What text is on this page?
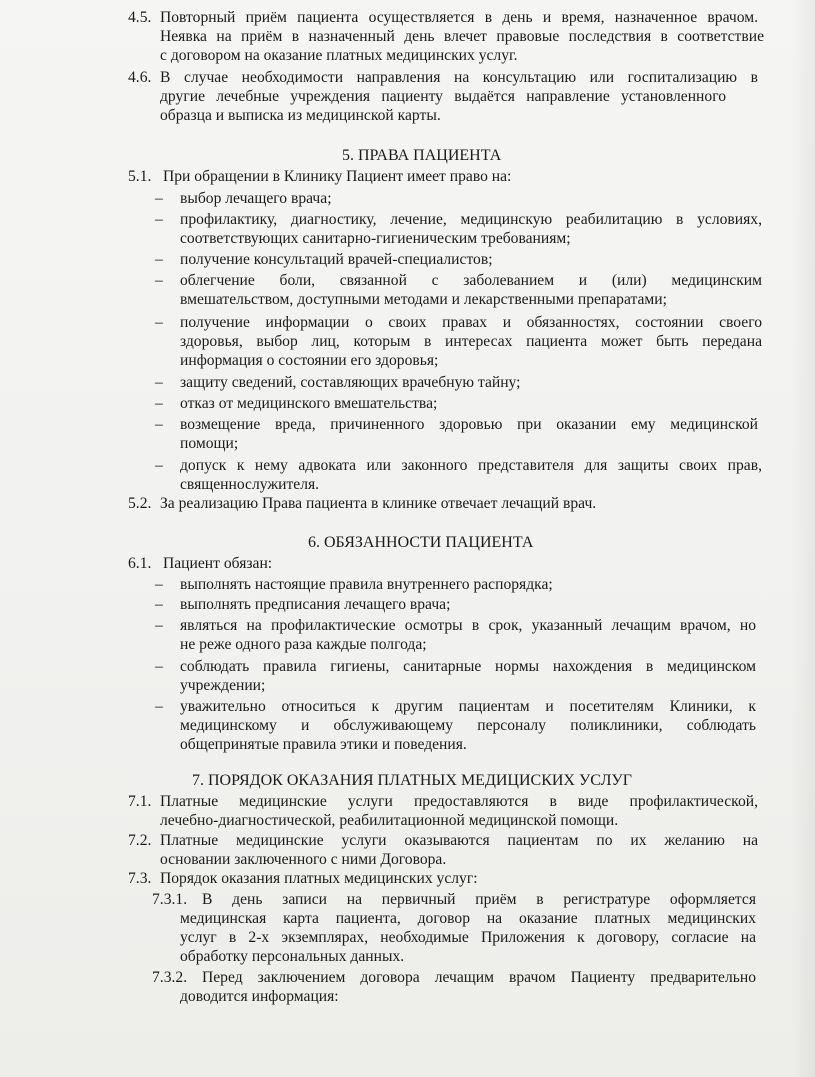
4.5. Повторный приём пациента осуществляется в день и время, назначенное врачом.
Неявка на приём в назначенный день влечет правовые последствия в соответствие
с договором на оказание платных медицинских услуг.
4.6. В случае необходимости направления на консультацию или госпитализацию в
другие лечебные учреждения пациенту выдаётся направление установленного
образца и выписка из медицинской карты.
5. ПРАВА ПАЦИЕНТА
5.1. При обращении в Клинику Пациент имеет право на:
– выбор лечащего врача;
– профилактику, диагностику, лечение, медицинскую реабилитацию в условиях,
соответствующих санитарно-гигиеническим требованиям;
– получение консультаций врачей-специалистов;
– облегчение боли, связанной с заболеванием и (или) медицинским
вмешательством, доступными методами и лекарственными препаратами;
– получение информации о своих правах и обязанностях, состоянии своего
здоровья, выбор лиц, которым в интересах пациента может быть передана
информация о состоянии его здоровья;
– защиту сведений, составляющих врачебную тайну;
– отказ от медицинского вмешательства;
– возмещение вреда, причиненного здоровью при оказании ему медицинской
помощи;
– допуск к нему адвоката или законного представителя для защиты своих прав,
священнослужителя.
5.2. За реализацию Права пациента в клинике отвечает лечащий врач.
6. ОБЯЗАННОСТИ ПАЦИЕНТА
6.1. Пациент обязан:
– выполнять настоящие правила внутреннего распорядка;
– выполнять предписания лечащего врача;
– являться на профилактические осмотры в срок, указанный лечащим врачом, но
не реже одного раза каждые полгода;
– соблюдать правила гигиены, санитарные нормы нахождения в медицинском
учреждении;
– уважительно относиться к другим пациентам и посетителям Клиники, к
медицинскому и обслуживающему персоналу поликлиники, соблюдать
общепринятые правила этики и поведения.
7. ПОРЯДОК ОКАЗАНИЯ ПЛАТНЫХ МЕДИЦИСКИХ УСЛУГ
7.1. Платные медицинские услуги предоставляются в виде профилактической,
лечебно-диагностической, реабилитационной медицинской помощи.
7.2. Платные медицинские услуги оказываются пациентам по их желанию на
основании заключенного с ними Договора.
7.3. Порядок оказания платных медицинских услуг:
7.3.1. В день записи на первичный приём в регистратуре оформляется
медицинская карта пациента, договор на оказание платных медицинских
услуг в 2-х экземплярах, необходимые Приложения к договору, согласие на
обработку персональных данных.
7.3.2. Перед заключением договора лечащим врачом Пациенту предварительно
доводится информация:
